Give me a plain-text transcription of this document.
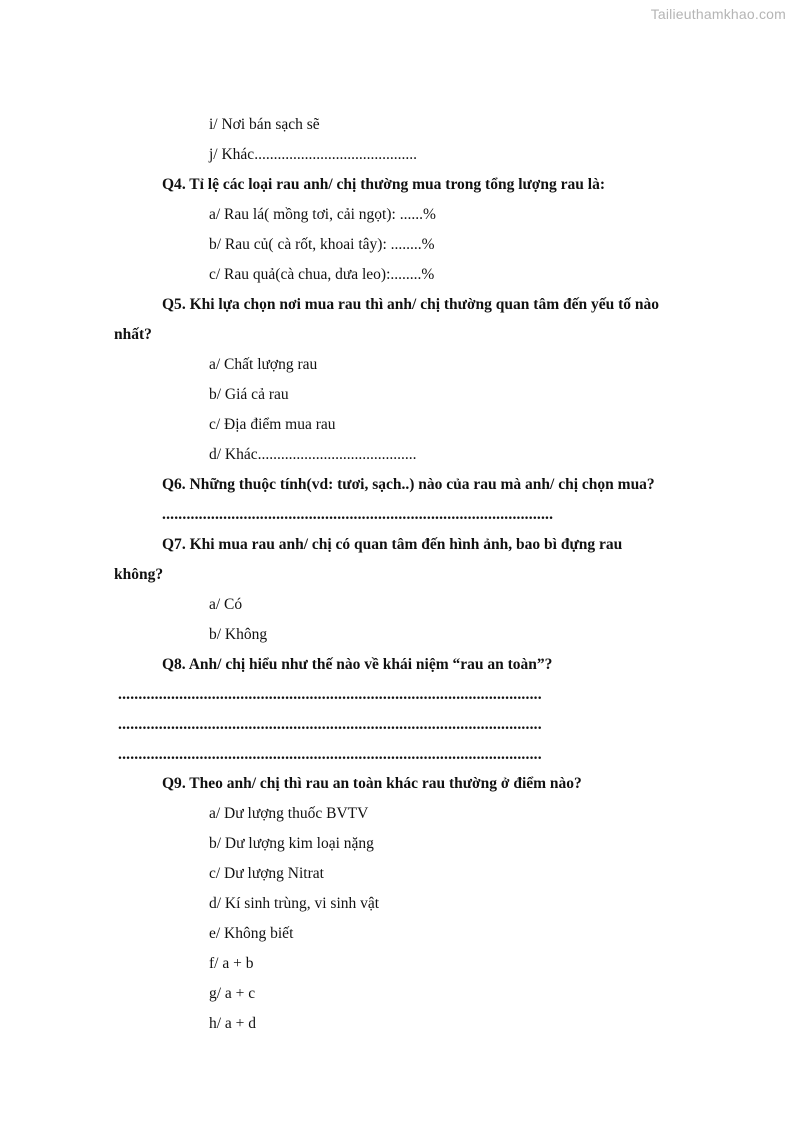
Tailieuthamkhao.com
i/ Nơi bán sạch sẽ
j/ Khác..........................................
Q4. Tỉ lệ các loại rau anh/ chị thường mua trong tổng lượng rau là:
a/ Rau lá( mồng tơi, cải ngọt): ......%
b/ Rau củ( cà rốt, khoai tây): ........%
c/ Rau quả(cà chua, dưa leo):........%
Q5. Khi lựa chọn nơi mua rau thì anh/ chị thường quan tâm đến yếu tố nào
nhất?
a/ Chất lượng rau
b/ Giá cả rau
c/ Địa điểm mua rau
d/ Khác.........................................
Q6. Những thuộc tính(vd: tươi, sạch..) nào của rau mà anh/ chị chọn mua?
................................................................................................
Q7. Khi mua rau anh/ chị có quan tâm đến hình ảnh, bao bì đựng rau
không?
a/ Có
b/ Không
Q8. Anh/ chị hiểu như thế nào về khái niệm “rau an toàn”?
........................................................................................................
........................................................................................................
........................................................................................................
Q9. Theo anh/ chị thì rau an toàn khác rau thường ở điểm nào?
a/ Dư lượng thuốc BVTV
b/ Dư lượng kim loại nặng
c/ Dư lượng Nitrat
d/ Kí sinh trùng, vi sinh vật
e/ Không biết
f/ a + b
g/ a + c
h/ a + d
